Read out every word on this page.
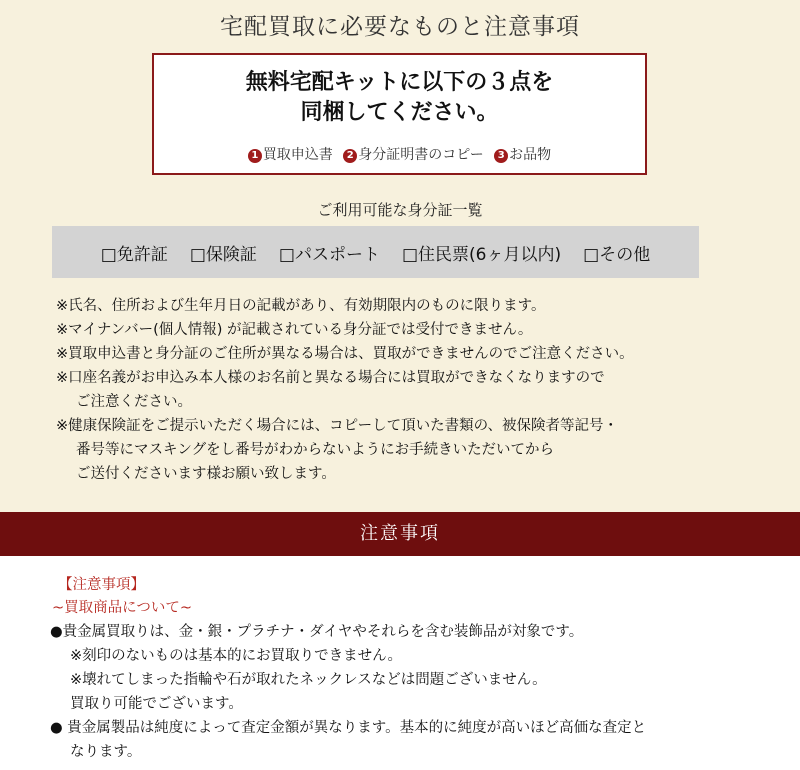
宅配買取に必要なものと注意事項
無料宅配キットに以下の３点を
同梱してください。
1 買取申込書 2 身分証明書のコピー 3 お品物
ご利用可能な身分証一覧
□免許証 □保険証 □パスポート □住民票(6ヶ月以内) □その他
※氏名、住所および生年月日の記載があり、有効期限内のものに限ります。
※マイナンバー(個人情報) が記載されている身分証では受付できません。
※買取申込書と身分証のご住所が異なる場合は、買取ができませんのでご注意ください。
※口座名義がお申込み本人様のお名前と異なる場合には買取ができなくなりますので
ご注意ください。
※健康保険証をご提示いただく場合には、コピーして頂いた書類の、被保険者等記号・
番号等にマスキングをし番号がわからないようにお手続きいただいてから
ご送付くださいます様お願い致します。
注意事項
【注意事項】
~買取商品について~
●貴金属買取りは、金・銀・プラチナ・ダイヤやそれらを含む装飾品が対象です。
※刻印のないものは基本的にお買取りできません。
※壊れてしまった指輪や石が取れたネックレスなどは問題ございません。
買取り可能でございます。
● 貴金属製品は純度によって査定金額が異なります。基本的に純度が高いほど高価な査定と
なります。
